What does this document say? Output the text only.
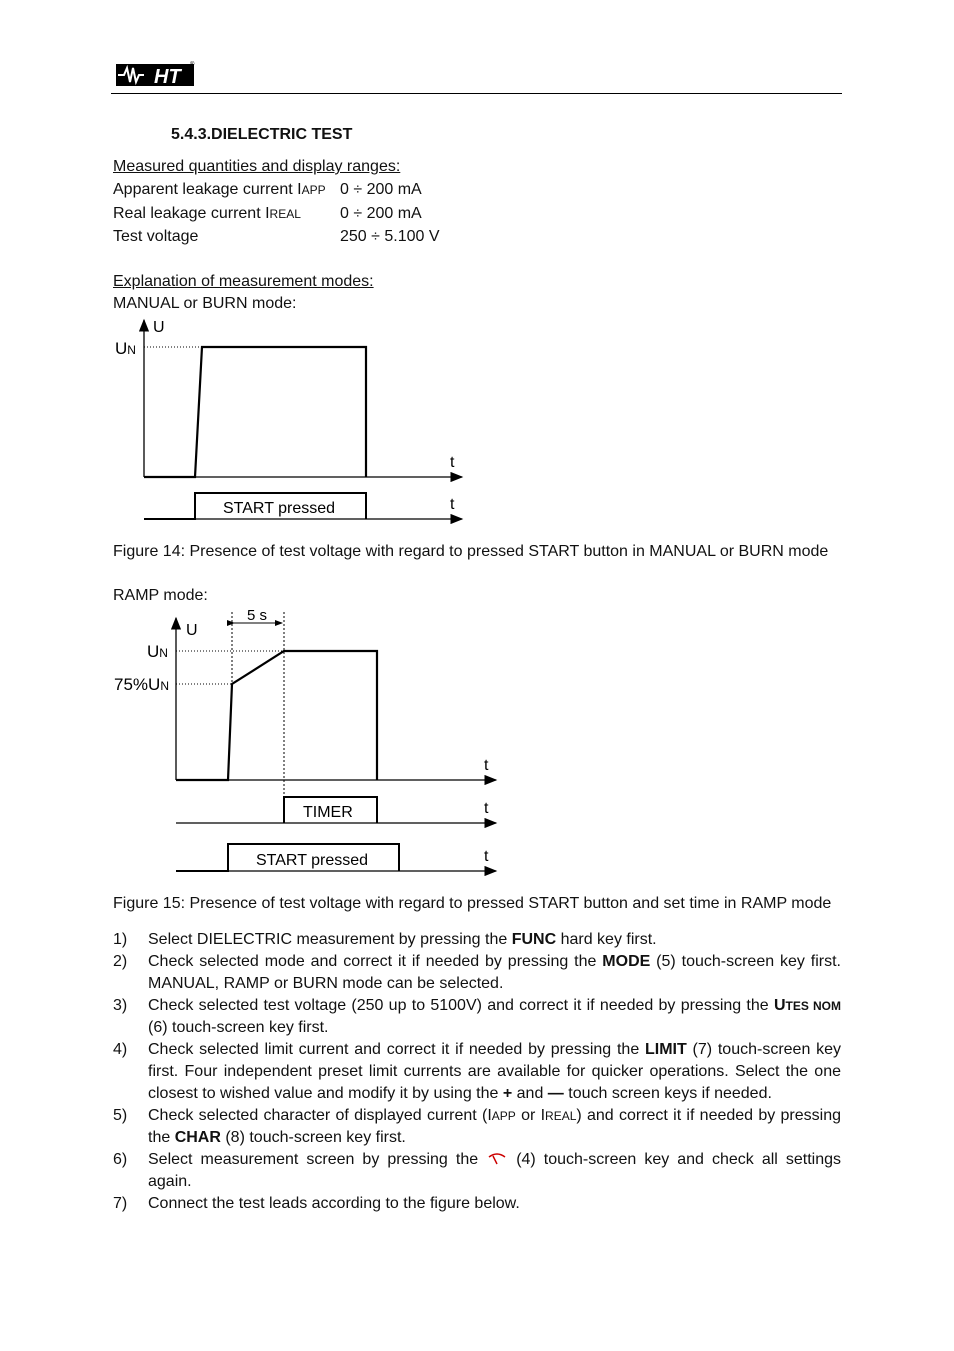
HT
®
5.4.3.DIELECTRIC TEST
Measured quantities and display ranges:
Apparent leakage current IAPP 0 ÷ 200 mA
Real leakage current IREAL 0 ÷ 200 mA
Test voltage	250 ÷ 5.100 V
Explanation of measurement modes:
MANUAL or BURN mode:
U
UN
t
START pressed	t
Figure 14: Presence of test voltage with regard to pressed START button in MANUAL or BURN mode
RAMP mode:
U
UN
75%UN
5 s
t
TIMER	t
START pressed	t
Figure 15: Presence of test voltage with regard to pressed START button and set time in RAMP mode
1) Select DIELECTRIC measurement by pressing the FUNC hard key first.
2) Check selected mode and correct it if needed by pressing the MODE (5) touch-screen key first. MANUAL, RAMP or BURN mode can be selected.
3) Check selected test voltage (250 up to 5100V) and correct it if needed by pressing the UTES NOM (6) touch-screen key first.
4) Check selected limit current and correct it if needed by pressing the LIMIT (7) touch-screen key first. Four independent preset limit currents are available for quicker operations. Select the one closest to wished value and modify it by using the + and — touch screen keys if needed.
5) Check selected character of displayed current (IAPP or IREAL) and correct it if needed by pressing the CHAR (8) touch-screen key first.
6) Select measurement screen by pressing the  (4) touch-screen key and check all settings again.
7) Connect the test leads according to the figure below.
